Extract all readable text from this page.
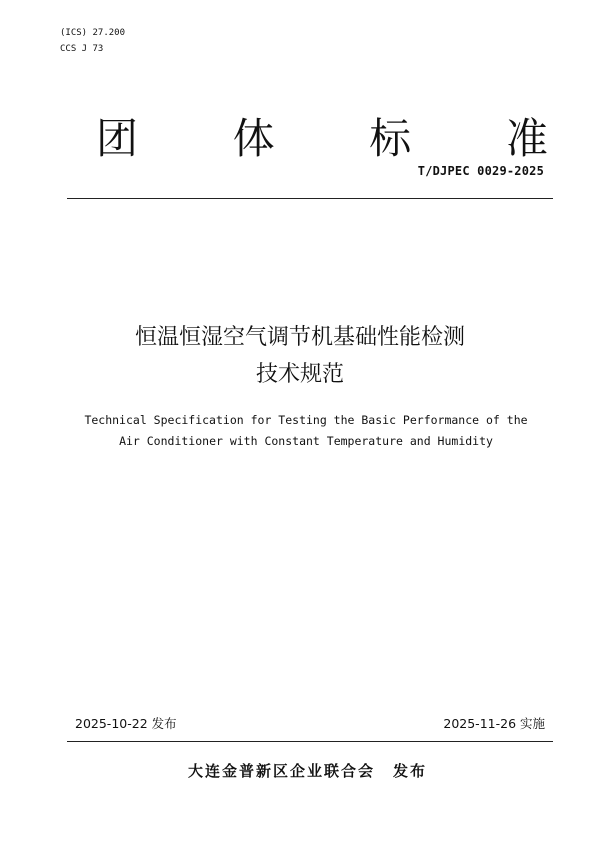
(ICS) 27.200
CCS J 73
团 体 标 准
T/DJPEC 0029-2025
恒温恒湿空气调节机基础性能检测
技术规范
Technical Specification for Testing the Basic Performance of the
Air Conditioner with Constant Temperature and Humidity
2025-10-22 发布	2025-11-26 实施
大连金普新区企业联合会 发布
